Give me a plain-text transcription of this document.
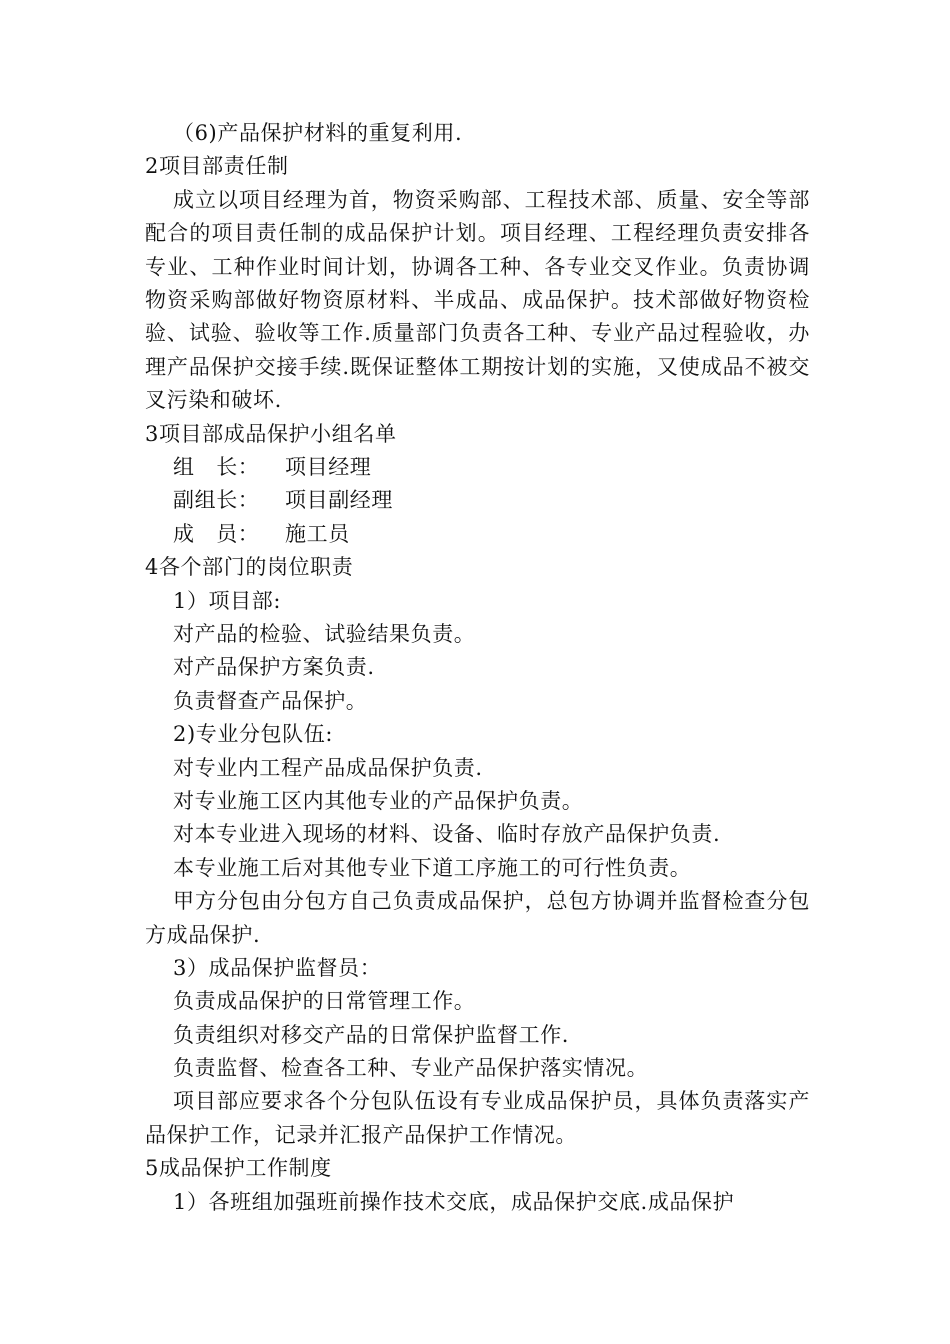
（6)产品保护材料的重复利用.
2项目部责任制
成立以项目经理为首，物资采购部、工程技术部、质量、安全等部配合的项目责任制的成品保护计划。项目经理、工程经理负责安排各专业、工种作业时间计划，协调各工种、各专业交叉作业。负责协调物资采购部做好物资原材料、半成品、成品保护。技术部做好物资检验、试验、验收等工作.质量部门负责各工种、专业产品过程验收，办理产品保护交接手续.既保证整体工期按计划的实施，又使成品不被交叉污染和破坏.
3项目部成品保护小组名单
组　长：	项目经理
副组长：	项目副经理
成　员：	施工员
4各个部门的岗位职责
1）项目部:
对产品的检验、试验结果负责。
对产品保护方案负责.
负责督查产品保护。
2)专业分包队伍:
对专业内工程产品成品保护负责.
对专业施工区内其他专业的产品保护负责。
对本专业进入现场的材料、设备、临时存放产品保护负责.
本专业施工后对其他专业下道工序施工的可行性负责。
甲方分包由分包方自己负责成品保护，总包方协调并监督检查分包方成品保护.
3）成品保护监督员：
负责成品保护的日常管理工作。
负责组织对移交产品的日常保护监督工作.
负责监督、检查各工种、专业产品保护落实情况。
项目部应要求各个分包队伍设有专业成品保护员，具体负责落实产品保护工作，记录并汇报产品保护工作情况。
5成品保护工作制度
1）各班组加强班前操作技术交底，成品保护交底.成品保护
